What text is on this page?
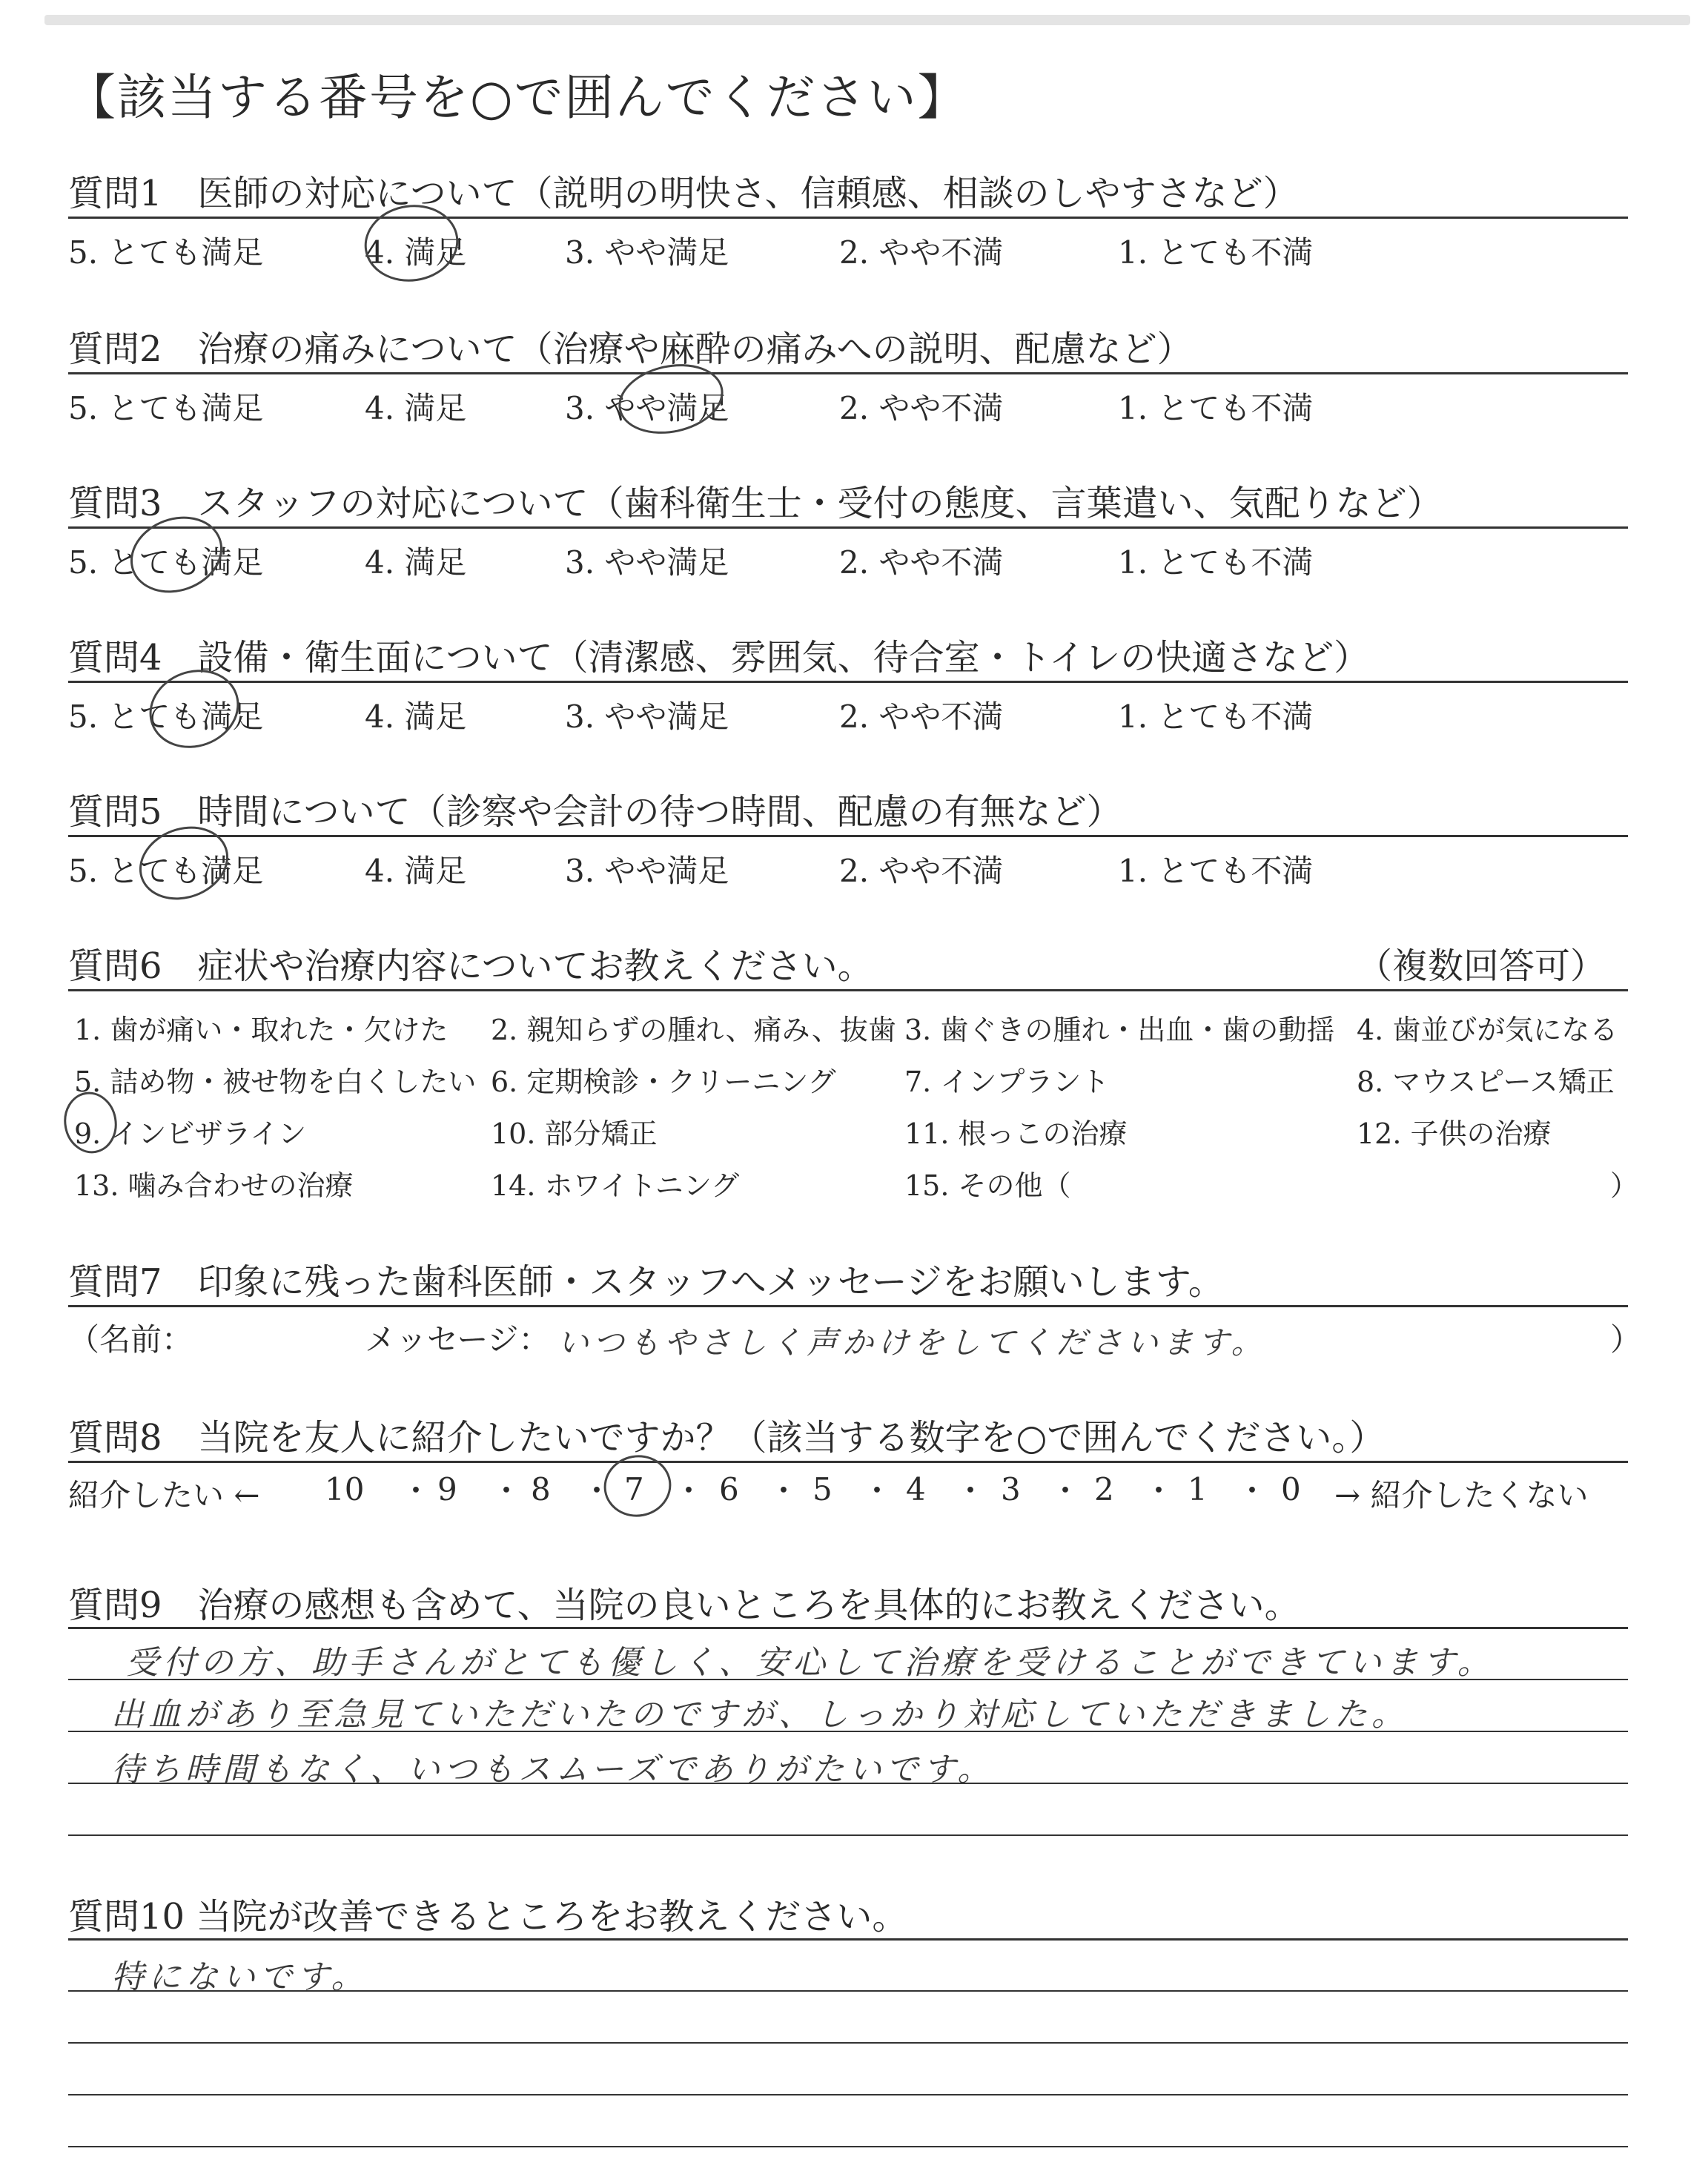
【該当する番号を○で囲んでください】
質問1　医師の対応について（説明の明快さ、信頼感、相談のしやすさなど）
5. とても満足	4. 満足	3. やや満足	2. やや不満	1. とても不満
質問2　治療の痛みについて（治療や麻酔の痛みへの説明、配慮など）
5. とても満足	4. 満足	3. やや満足	2. やや不満	1. とても不満
質問3　スタッフの対応について（歯科衛生士・受付の態度、言葉遣い、気配りなど）
5. とても満足	4. 満足	3. やや満足	2. やや不満	1. とても不満
質問4　設備・衛生面について（清潔感、雰囲気、待合室・トイレの快適さなど）
5. とても満足	4. 満足	3. やや満足	2. やや不満	1. とても不満
質問5　時間について（診察や会計の待つ時間、配慮の有無など）
5. とても満足	4. 満足	3. やや満足	2. やや不満	1. とても不満
質問6　症状や治療内容についてお教えください。	（複数回答可）
1. 歯が痛い・取れた・欠けた 2. 親知らずの腫れ、痛み、抜歯 3. 歯ぐきの腫れ・出血・歯の動揺 4. 歯並びが気になる
5. 詰め物・被せ物を白くしたい 6. 定期検診・クリーニング 7. インプラント	8. マウスピース矯正
9. インビザライン	10. 部分矯正	11. 根っこの治療	12. 子供の治療
13. 噛み合わせの治療	14. ホワイトニング	15. その他（	）
質問7　印象に残った歯科医師・スタッフへメッセージをお願いします。
（名前：	メッセージ： いつもやさしく声かけをしてくださいます。	）
質問8　当院を友人に紹介したいですか？（該当する数字を○で囲んでください。）
紹介したい ← 10 ・ 9 ・ 8 ・ 7 ・ 6 ・ 5 ・ 4 ・ 3 ・ 2 ・ 1 ・ 0 → 紹介したくない
質問9　治療の感想も含めて、当院の良いところを具体的にお教えください。
受付の方、助手さんがとても優しく、安心して治療を受けることができています。
出血があり至急見ていただいたのですが、しっかり対応していただきました。
待ち時間もなく、いつもスムーズでありがたいです。
質問10 当院が改善できるところをお教えください。
特にないです。
